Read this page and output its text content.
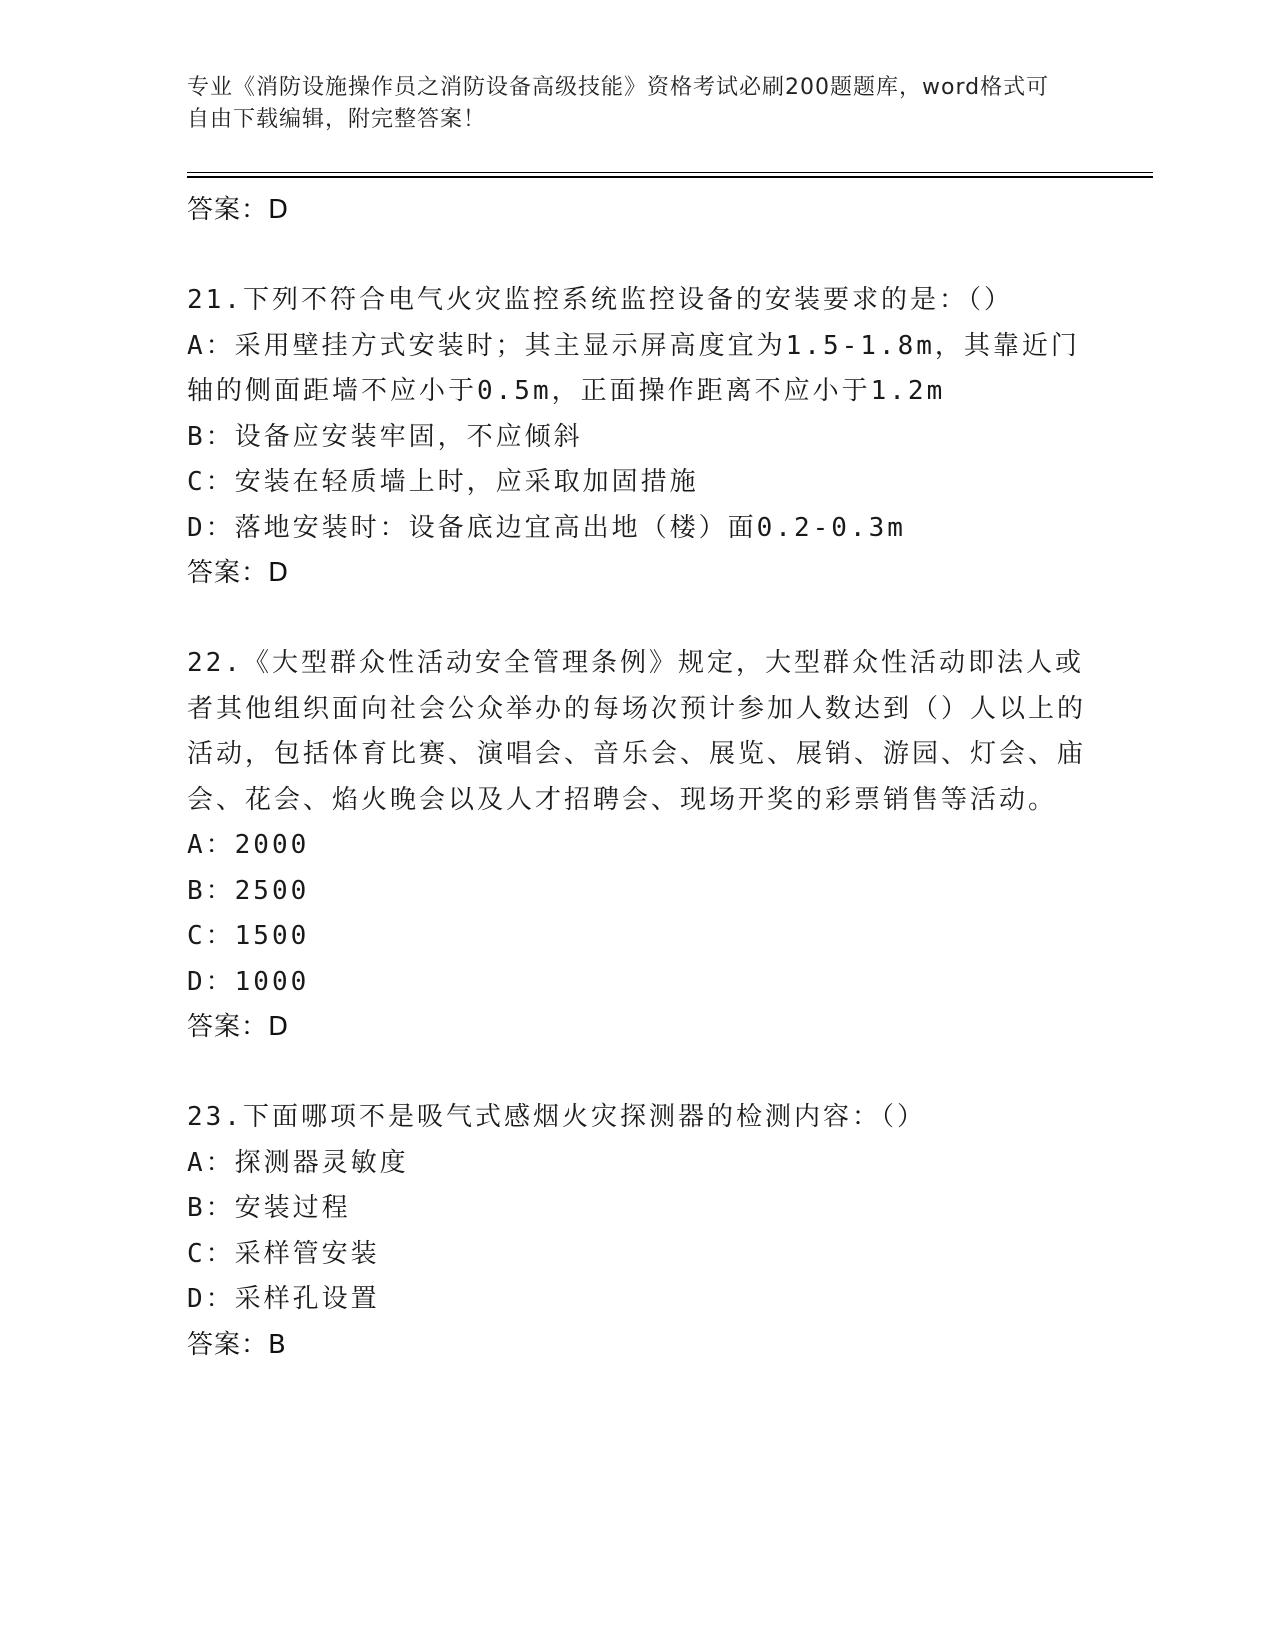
专业《消防设施操作员之消防设备高级技能》资格考试必刷200题题库，word格式可自由下载编辑，附完整答案！
答案：D
21.下列不符合电气火灾监控系统监控设备的安装要求的是：（）
A：采用壁挂方式安装时；其主显示屏高度宜为1.5-1.8m，其靠近门轴的侧面距墙不应小于0.5m，正面操作距离不应小于1.2m
B：设备应安装牢固，不应倾斜
C：安装在轻质墙上时，应采取加固措施
D：落地安装时：设备底边宜高出地（楼）面0.2-0.3m
答案：D
22.《大型群众性活动安全管理条例》规定，大型群众性活动即法人或者其他组织面向社会公众举办的每场次预计参加人数达到（）人以上的活动，包括体育比赛、演唱会、音乐会、展览、展销、游园、灯会、庙会、花会、焰火晚会以及人才招聘会、现场开奖的彩票销售等活动。
A：2000
B：2500
C：1500
D：1000
答案：D
23.下面哪项不是吸气式感烟火灾探测器的检测内容：（）
A：探测器灵敏度
B：安装过程
C：采样管安装
D：采样孔设置
答案：B
